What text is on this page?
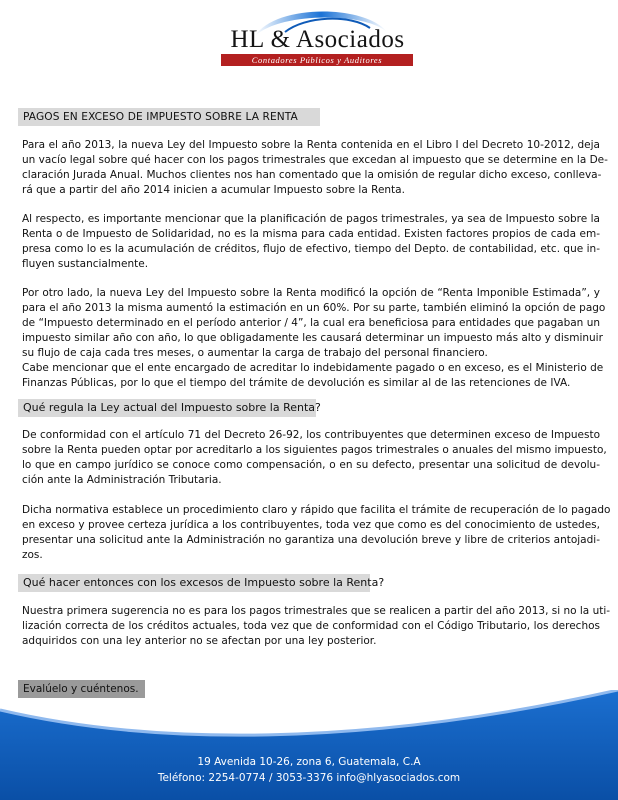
HL & Asociados
Contadores Públicos y Auditores
PAGOS EN EXCESO DE IMPUESTO SOBRE LA RENTA
Para el año 2013, la nueva Ley del Impuesto sobre la Renta contenida en el Libro I del Decreto 10-2012, deja
un vacío legal sobre qué hacer con los pagos trimestrales que excedan al impuesto que se determine en la De-
claración Jurada Anual. Muchos clientes nos han comentado que la omisión de regular dicho exceso, conlleva-
rá que a partir del año 2014 inicien a acumular Impuesto sobre la Renta.
Al respecto, es importante mencionar que la planificación de pagos trimestrales, ya sea de Impuesto sobre la
Renta o de Impuesto de Solidaridad, no es la misma para cada entidad. Existen factores propios de cada em-
presa como lo es la acumulación de créditos, flujo de efectivo, tiempo del Depto. de contabilidad, etc. que in-
fluyen sustancialmente.
Por otro lado, la nueva Ley del Impuesto sobre la Renta modificó la opción de “Renta Imponible Estimada”, y
para el año 2013 la misma aumentó la estimación en un 60%. Por su parte, también eliminó la opción de pago
de “Impuesto determinado en el período anterior / 4”, la cual era beneficiosa para entidades que pagaban un
impuesto similar año con año, lo que obligadamente les causará determinar un impuesto más alto y disminuir
su flujo de caja cada tres meses, o aumentar la carga de trabajo del personal financiero.
Cabe mencionar que el ente encargado de acreditar lo indebidamente pagado o en exceso, es el Ministerio de
Finanzas Públicas, por lo que el tiempo del trámite de devolución es similar al de las retenciones de IVA.
Qué regula la Ley actual del Impuesto sobre la Renta?
De conformidad con el artículo 71 del Decreto 26-92, los contribuyentes que determinen exceso de Impuesto
sobre la Renta pueden optar por acreditarlo a los siguientes pagos trimestrales o anuales del mismo impuesto,
lo que en campo jurídico se conoce como compensación, o en su defecto, presentar una solicitud de devolu-
ción ante la Administración Tributaria.
Dicha normativa establece un procedimiento claro y rápido que facilita el trámite de recuperación de lo pagado
en exceso y provee certeza jurídica a los contribuyentes, toda vez que como es del conocimiento de ustedes,
presentar una solicitud ante la Administración no garantiza una devolución breve y libre de criterios antojadi-
zos.
Qué hacer entonces con los excesos de Impuesto sobre la Renta?
Nuestra primera sugerencia no es para los pagos trimestrales que se realicen a partir del año 2013, si no la uti-
lización correcta de los créditos actuales, toda vez que de conformidad con el Código Tributario, los derechos
adquiridos con una ley anterior no se afectan por una ley posterior.
Evalúelo y cuéntenos.
19 Avenida 10-26, zona 6, Guatemala, C.A
Teléfono: 2254-0774 / 3053-3376 info@hlyasociados.com
